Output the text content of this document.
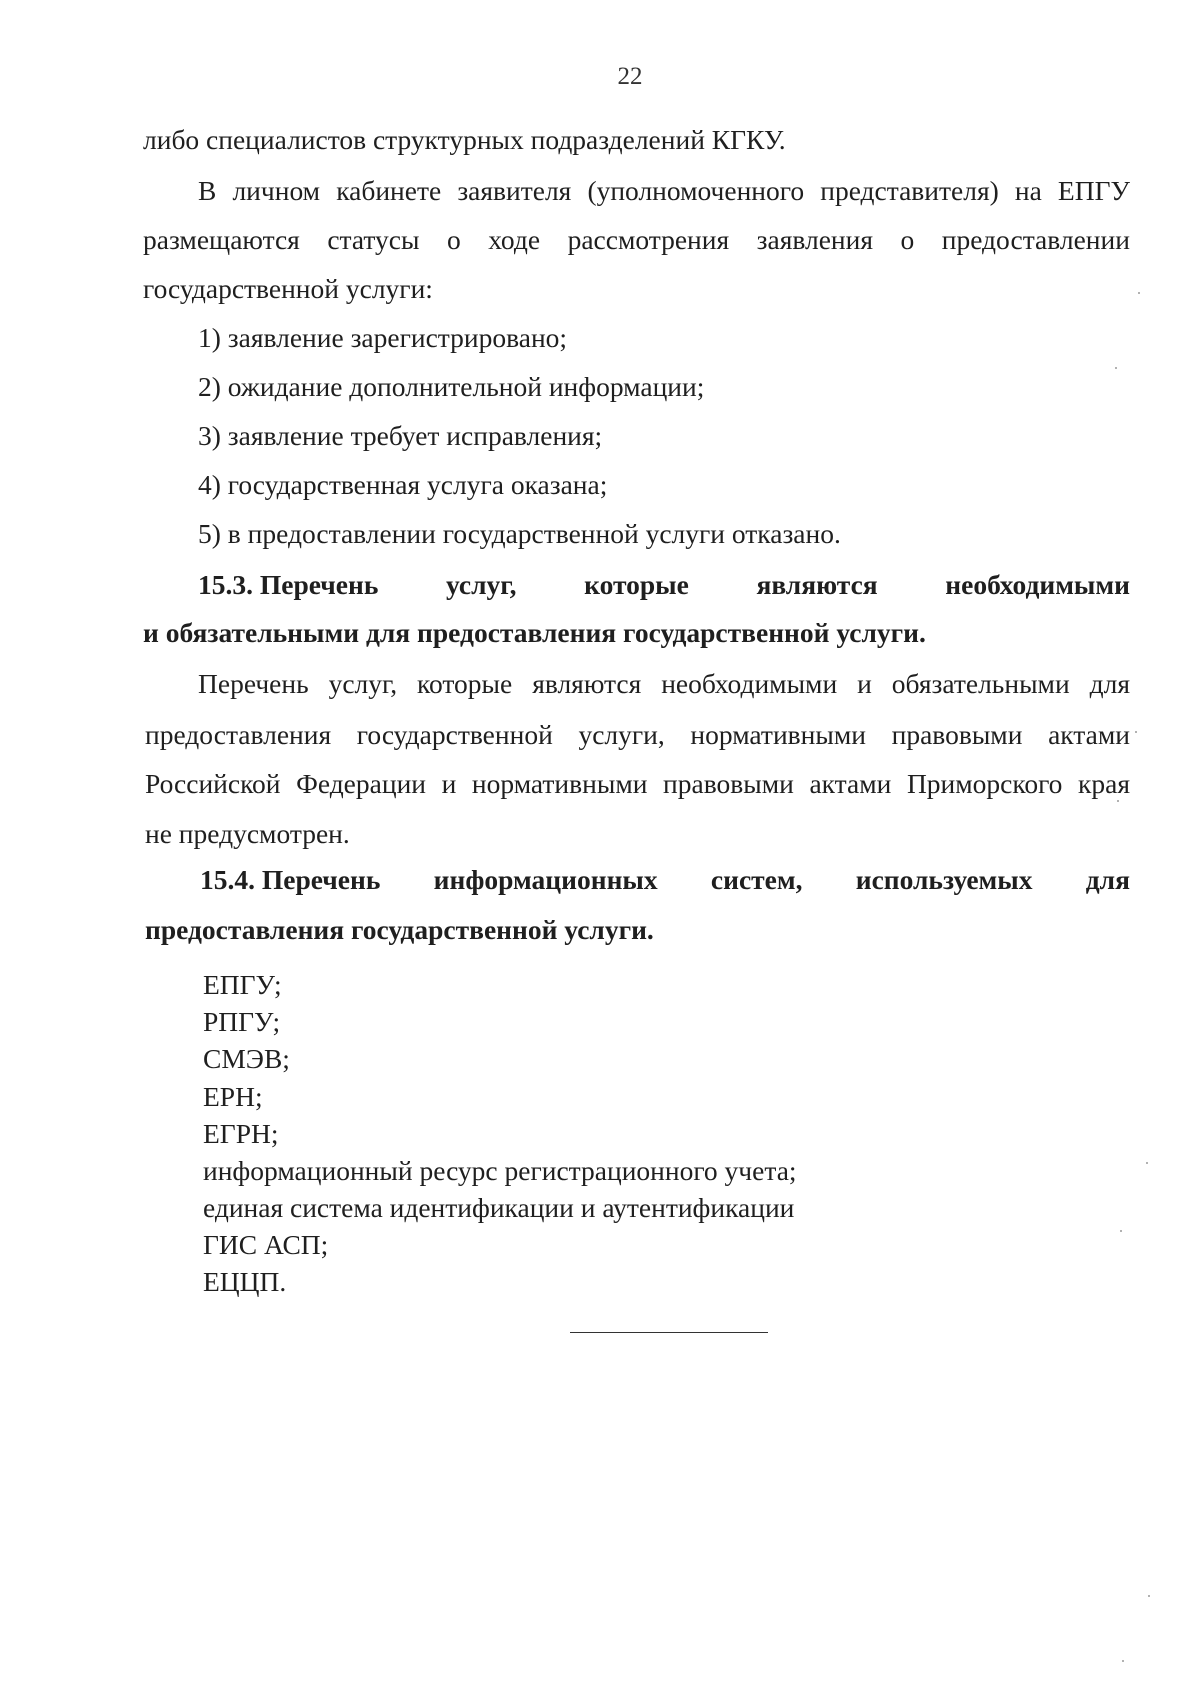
22
либо специалистов структурных подразделений КГКУ.
В личном кабинете заявителя (уполномоченного представителя) на ЕПГУ
размещаются статусы о ходе рассмотрения заявления о предоставлении
государственной услуги:
1) заявление зарегистрировано;
2) ожидание дополнительной информации;
3) заявление требует исправления;
4) государственная услуга оказана;
5) в предоставлении государственной услуги отказано.
15.3. Перечень услуг, которые являются необходимыми
и обязательными для предоставления государственной услуги.
Перечень услуг, которые являются необходимыми и обязательными для
предоставления государственной услуги, нормативными правовыми актами
Российской Федерации и нормативными правовыми актами Приморского края
не предусмотрен.
15.4. Перечень информационных систем, используемых для
предоставления государственной услуги.
ЕПГУ;
РПГУ;
СМЭВ;
ЕРН;
ЕГРН;
информационный ресурс регистрационного учета;
единая система идентификации и аутентификации
ГИС АСП;
ЕЦЦП.
